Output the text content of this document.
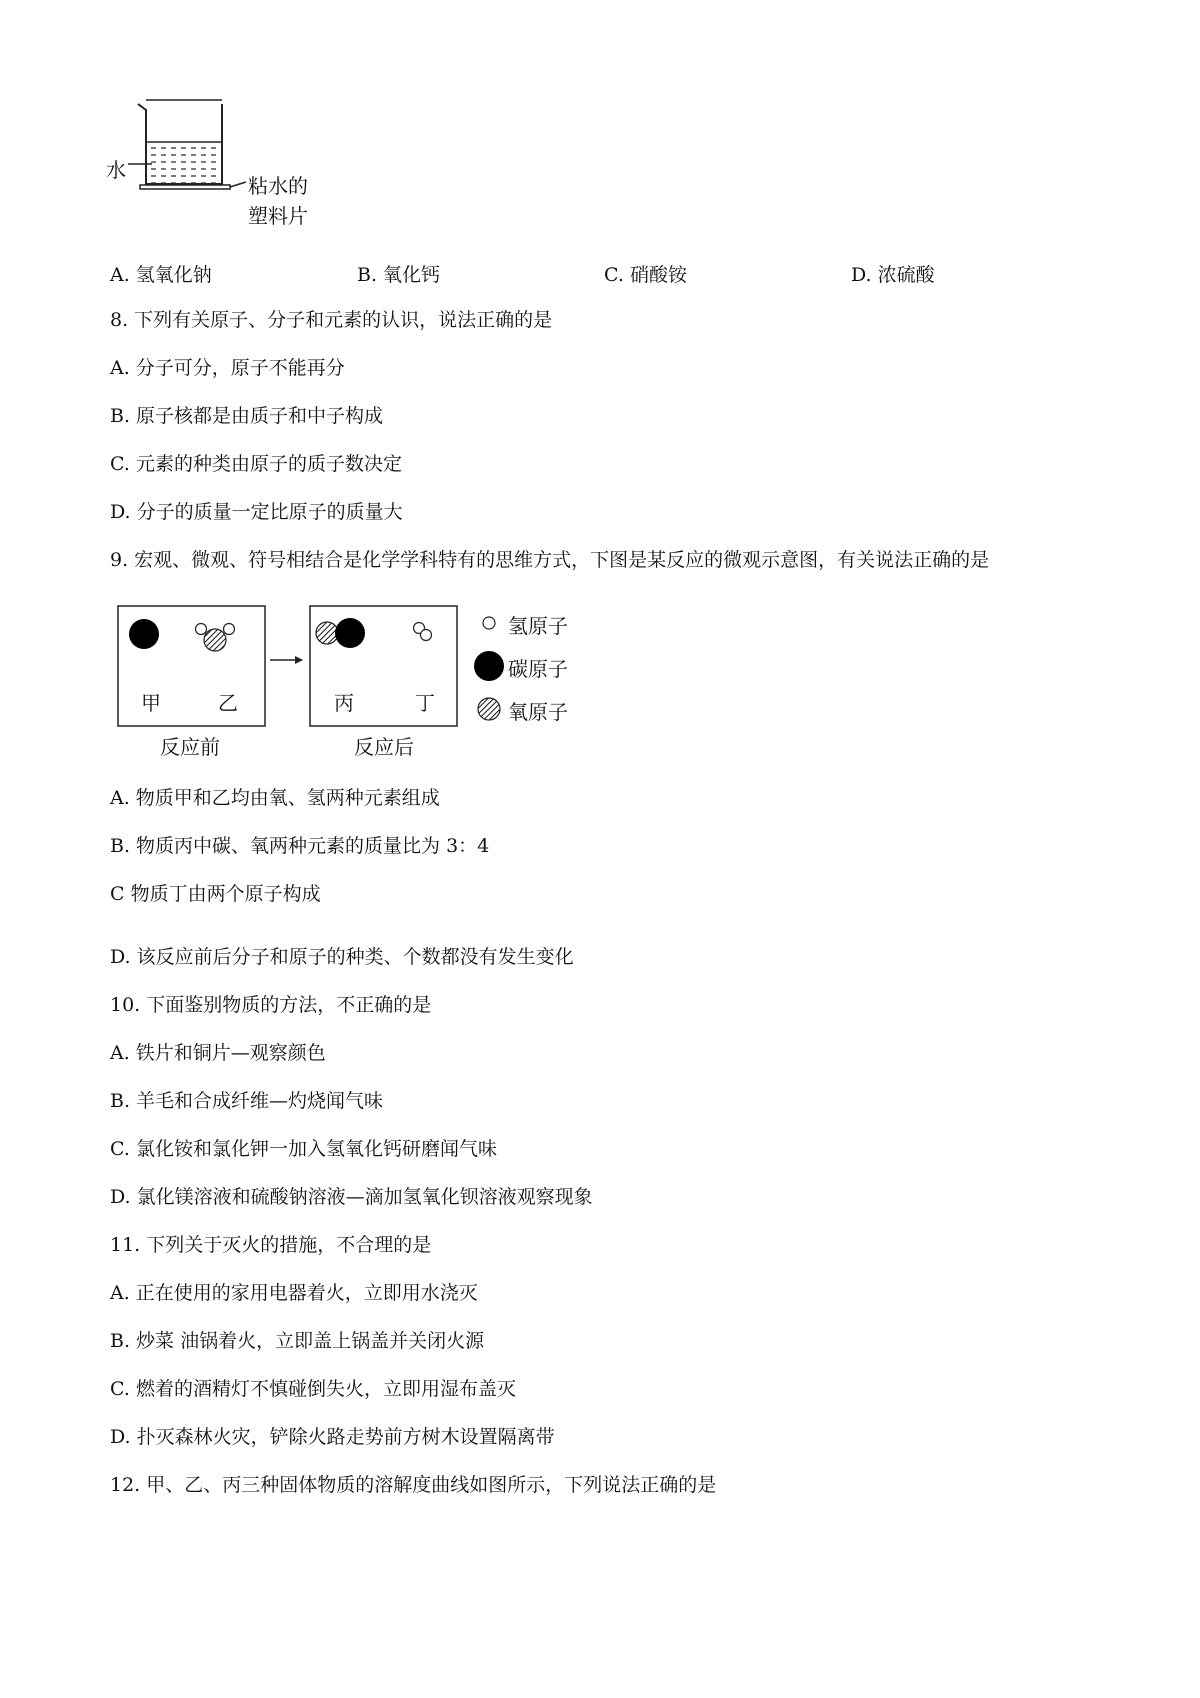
水
粘水的
塑料片
A. 氢氧化钠	B. 氧化钙	C. 硝酸铵	D. 浓硫酸
8. 下列有关原子、分子和元素的认识，说法正确的是
A. 分子可分，原子不能再分
B. 原子核都是由质子和中子构成
C. 元素的种类由原子的质子数决定
D. 分子的质量一定比原子的质量大
9. 宏观、微观、符号相结合是化学学科特有的思维方式，下图是某反应的微观示意图，有关说法正确的是
甲	乙	丙	丁
反应前	反应后
氢原子
碳原子
氧原子
A. 物质甲和乙均由氧、氢两种元素组成
B. 物质丙中碳、氧两种元素的质量比为 3：4
C 物质丁由两个原子构成
D. 该反应前后分子和原子的种类、个数都没有发生变化
10. 下面鉴别物质的方法，不正确的是
A. 铁片和铜片—观察颜色
B. 羊毛和合成纤维—灼烧闻气味
C. 氯化铵和氯化钾一加入氢氧化钙研磨闻气味
D. 氯化镁溶液和硫酸钠溶液—滴加氢氧化钡溶液观察现象
11. 下列关于灭火的措施，不合理的是
A. 正在使用的家用电器着火，立即用水浇灭
B. 炒菜 油锅着火，立即盖上锅盖并关闭火源
C. 燃着的酒精灯不慎碰倒失火，立即用湿布盖灭
D. 扑灭森林火灾，铲除火路走势前方树木设置隔离带
12. 甲、乙、丙三种固体物质的溶解度曲线如图所示，下列说法正确的是
